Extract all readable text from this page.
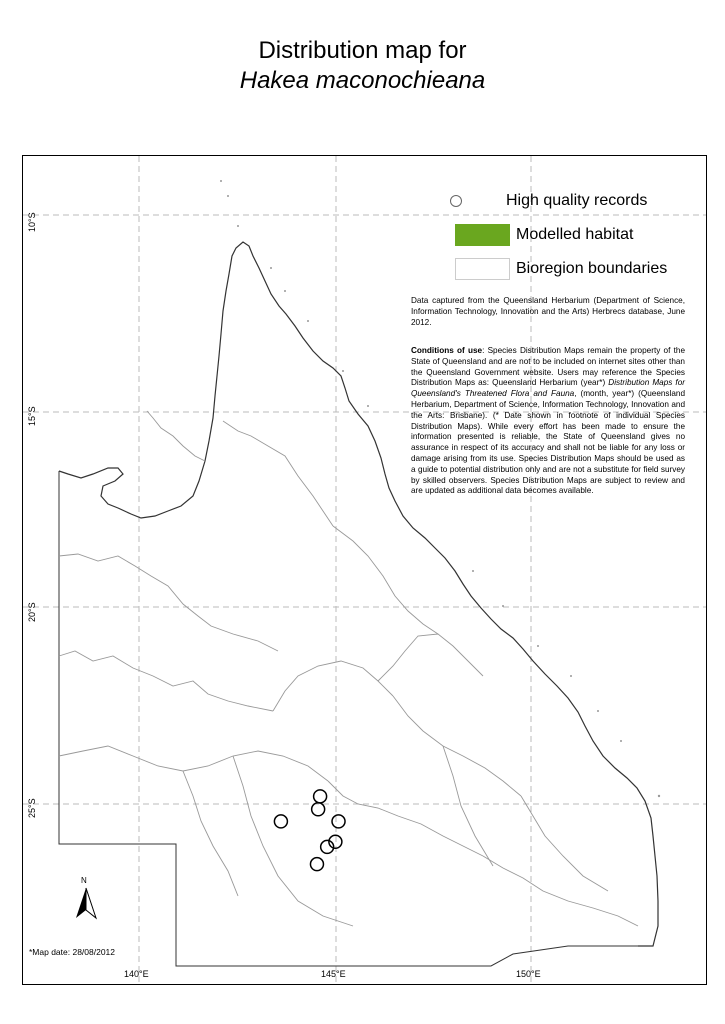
Distribution map for
Hakea maconochieana
10°S
15°S
20°S
25°S
140°E	145°E	150°E
High quality records
Modelled habitat
Bioregion boundaries
Data captured from the Queensland Herbarium (Department of Science, Information Technology, Innovation and the Arts) Herbrecs database, June 2012.
Conditions of use: Species Distribution Maps remain the property of the State of Queensland and are not to be included on internet sites other than the Queensland Government website. Users may reference the Species Distribution Maps as: Queensland Herbarium (year*) Distribution Maps for Queensland's Threatened Flora and Fauna, (month, year*) (Queensland Herbarium, Department of Science, Information Technology, Innovation and the Arts: Brisbane). (* Date shown in footnote of individual Species Distribution Maps). While every effort has been made to ensure the information presented is reliable, the State of Queensland gives no assurance in respect of its accuracy and shall not be liable for any loss or damage arising from its use. Species Distribution Maps should be used as a guide to potential distribution only and are not a substitute for field survey by skilled observers. Species Distribution Maps are subject to review and are updated as additional data becomes available.
N
*Map date: 28/08/2012
